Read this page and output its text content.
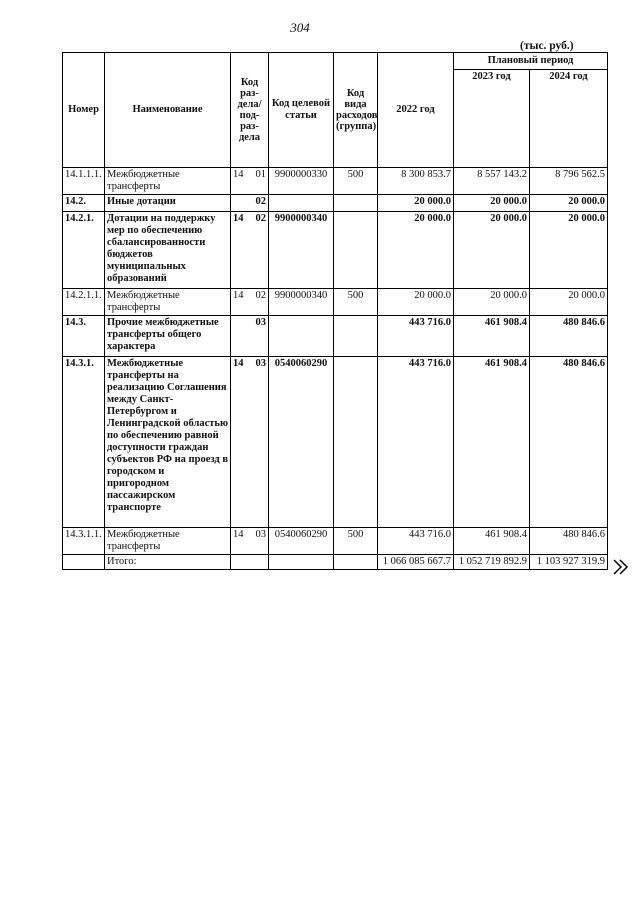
304
(тыс. руб.)
Номер	Наименование	Код раз-дела/ под-раз-дела	Код целевой статьи	Код вида расходов (группа)	2022 год	Плановый период	
						2023 год	2024 год
14.1.1.1.	Межбюджетные трансферты	14 01	9900000330	500	8 300 853.7	8 557 143.2	8 796 562.5
14.2.	Иные дотации	02			20 000.0	20 000.0	20 000.0
14.2.1.	Дотации на поддержку мер по обеспечению сбалансированности бюджетов муниципальных образований	14 02	9900000340		20 000.0	20 000.0	20 000.0
14.2.1.1.	Межбюджетные трансферты	14 02	9900000340	500	20 000.0	20 000.0	20 000.0
14.3.	Прочие межбюджетные трансферты общего характера	03			443 716.0	461 908.4	480 846.6
14.3.1.	Межбюджетные трансферты на реализацию Соглашения между Санкт-Петербургом и Ленинградской областью по обеспечению равной доступности граждан субъектов РФ на проезд в городском и пригородном пассажирском транспорте	14 03	0540060290		443 716.0	461 908.4	480 846.6
14.3.1.1.	Межбюджетные трансферты	14 03	0540060290	500	443 716.0	461 908.4	480 846.6
	Итого:				1 066 085 667.7	1 052 719 892.9	1 103 927 319.9
